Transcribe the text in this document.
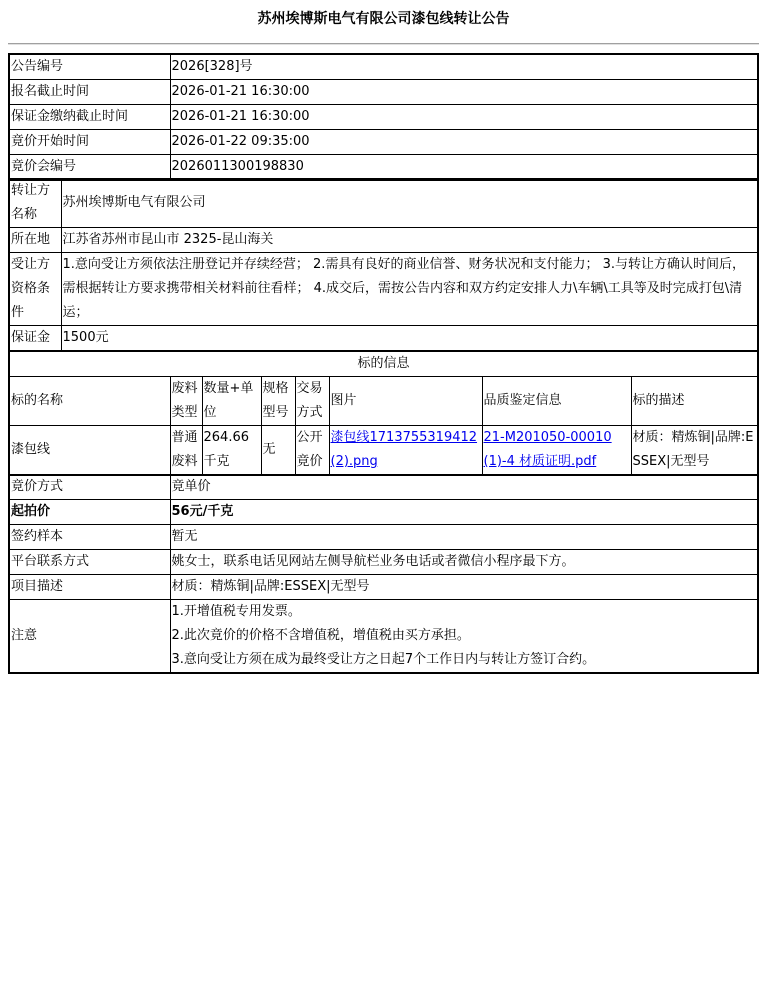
苏州埃博斯电气有限公司漆包线转让公告
公告编号	2026[328]号
报名截止时间	2026-01-21 16:30:00
保证金缴纳截止时间	2026-01-21 16:30:00
竟价开始时间	2026-01-22 09:35:00
竟价会编号	2026011300198830
转让方名称	苏州埃博斯电气有限公司
所在地	江苏省苏州市昆山市 2325-昆山海关
受让方资格条件	1.意向受让方须依法注册登记并存续经营； 2.需具有良好的商业信誉、财务状况和支付能力； 3.与转让方确认时间后，需根据转让方要求携带相关材料前往看样； 4.成交后，需按公告内容和双方约定安排人力\车辆\工具等及时完成打包\清运；
保证金	1500元
标的信息							
标的名称	废料类型	数量+单位	规格型号	交易方式	图片	品质鉴定信息	标的描述
漆包线	普通废料	264.66千克	无	公开竟价	漆包线1713755319412(2).png	21-M201050-00010(1)-4 材质证明.pdf	材质：精炼铜|品牌:ESSEX|无型号
竟价方式	竟单价
起拍价	56元/千克
签约样本	暂无
平台联系方式	姚女士，联系电话见网站左侧导航栏业务电话或者微信小程序最下方。
项目描述	材质：精炼铜|品牌:ESSEX|无型号
注意	1.开增值税专用发票。
2.此次竟价的价格不含增值税，增值税由买方承担。
3.意向受让方须在成为最终受让方之日起7个工作日内与转让方签订合约。
